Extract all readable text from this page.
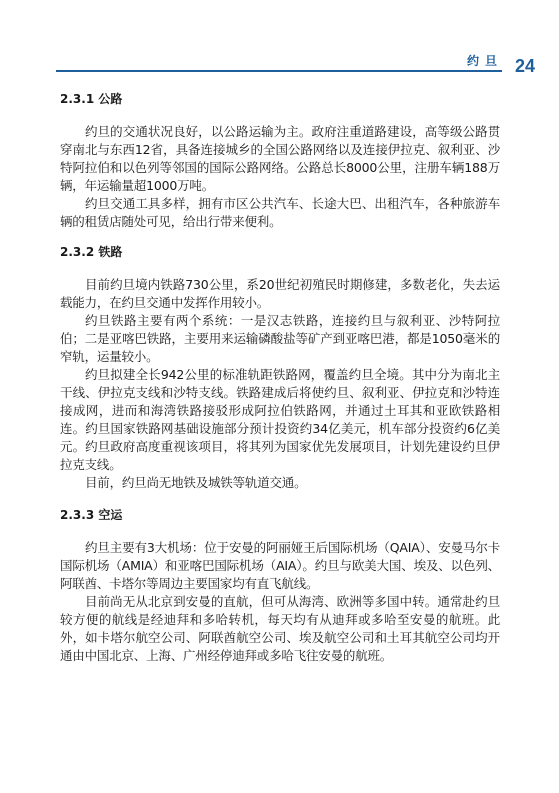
约旦 24
2.3.1 公路

约旦的交通状况良好，以公路运输为主。政府注重道路建设，高等级公路贯穿南北与东西12省，具备连接城乡的全国公路网络以及连接伊拉克、叙利亚、沙特阿拉伯和以色列等邻国的国际公路网络。公路总长8000公里，注册车辆188万辆，年运输量超1000万吨。

约旦交通工具多样，拥有市区公共汽车、长途大巴、出租汽车，各种旅游车辆的租赁店随处可见，给出行带来便利。

2.3.2 铁路

目前约旦境内铁路730公里，系20世纪初殖民时期修建，多数老化，失去运载能力，在约旦交通中发挥作用较小。

约旦铁路主要有两个系统：一是汉志铁路，连接约旦与叙利亚、沙特阿拉伯；二是亚喀巴铁路，主要用来运输磷酸盐等矿产到亚喀巴港，都是1050毫米的窄轨，运量较小。

约旦拟建全长942公里的标准轨距铁路网，覆盖约旦全境。其中分为南北主干线、伊拉克支线和沙特支线。铁路建成后将使约旦、叙利亚、伊拉克和沙特连接成网，进而和海湾铁路接驳形成阿拉伯铁路网，并通过土耳其和亚欧铁路相连。约旦国家铁路网基础设施部分预计投资约34亿美元，机车部分投资约6亿美元。约旦政府高度重视该项目，将其列为国家优先发展项目，计划先建设约旦伊拉克支线。

目前，约旦尚无地铁及城铁等轨道交通。

2.3.3 空运

约旦主要有3大机场：位于安曼的阿丽娅王后国际机场（QAIA）、安曼马尔卡国际机场（AMIA）和亚喀巴国际机场（AIA）。约旦与欧美大国、埃及、以色列、阿联酋、卡塔尔等周边主要国家均有直飞航线。

目前尚无从北京到安曼的直航，但可从海湾、欧洲等多国中转。通常赴约旦较方便的航线是经迪拜和多哈转机，每天均有从迪拜或多哈至安曼的航班。此外，如卡塔尔航空公司、阿联酋航空公司、埃及航空公司和土耳其航空公司均开通由中国北京、上海、广州经停迪拜或多哈飞往安曼的航班。
